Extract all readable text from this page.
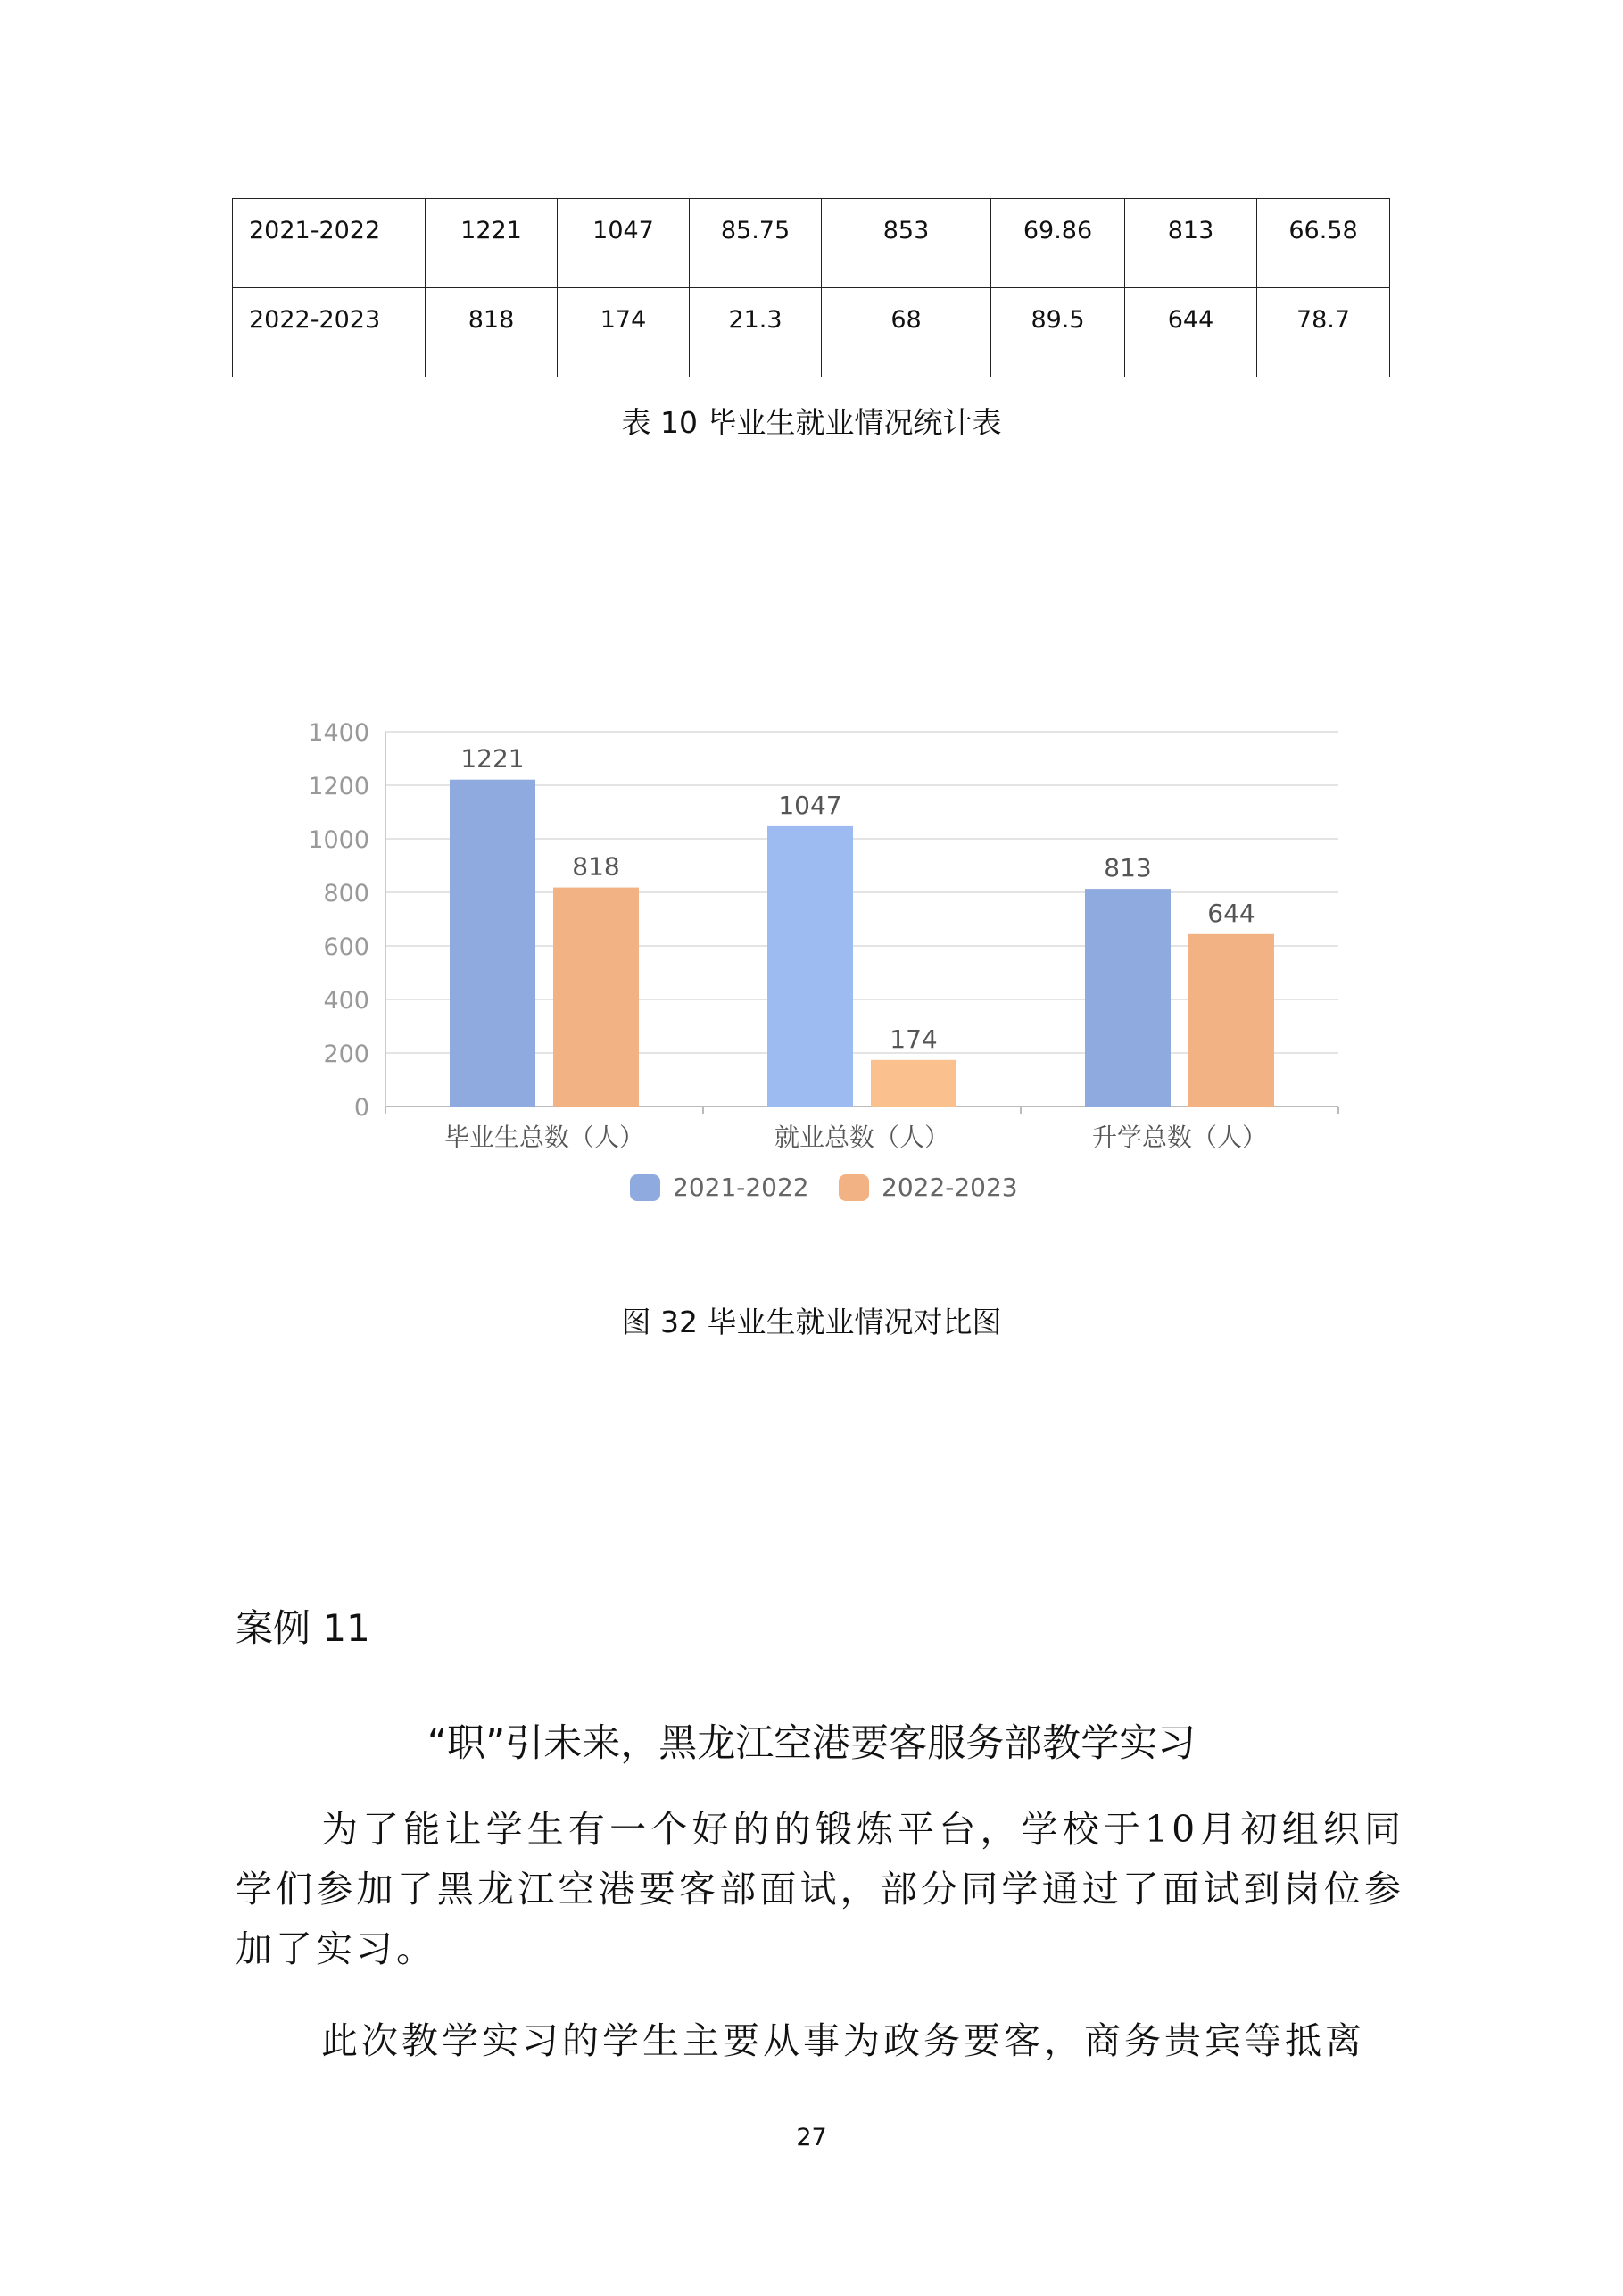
2021-2022	1221	1047	85.75	853	69.86	813	66.58
2022-2023	818	174	21.3	68	89.5	644	78.7
表 10 毕业生就业情况统计表
0
200
400
600
800
1000
1200
1400
1221
818
毕业生总数（人）
1047
174
就业总数（人）
813
644
升学总数（人）
2021-2022	2022-2023
图 32 毕业生就业情况对比图
案例 11
“职”引未来，黑龙江空港要客服务部教学实习

为了能让学生有一个好的的锻炼平台，学校于10月初组织同学们参加了黑龙江空港要客部面试，部分同学通过了面试到岗位参加了实习。

此次教学实习的学生主要从事为政务要客，商务贵宾等抵离

27
